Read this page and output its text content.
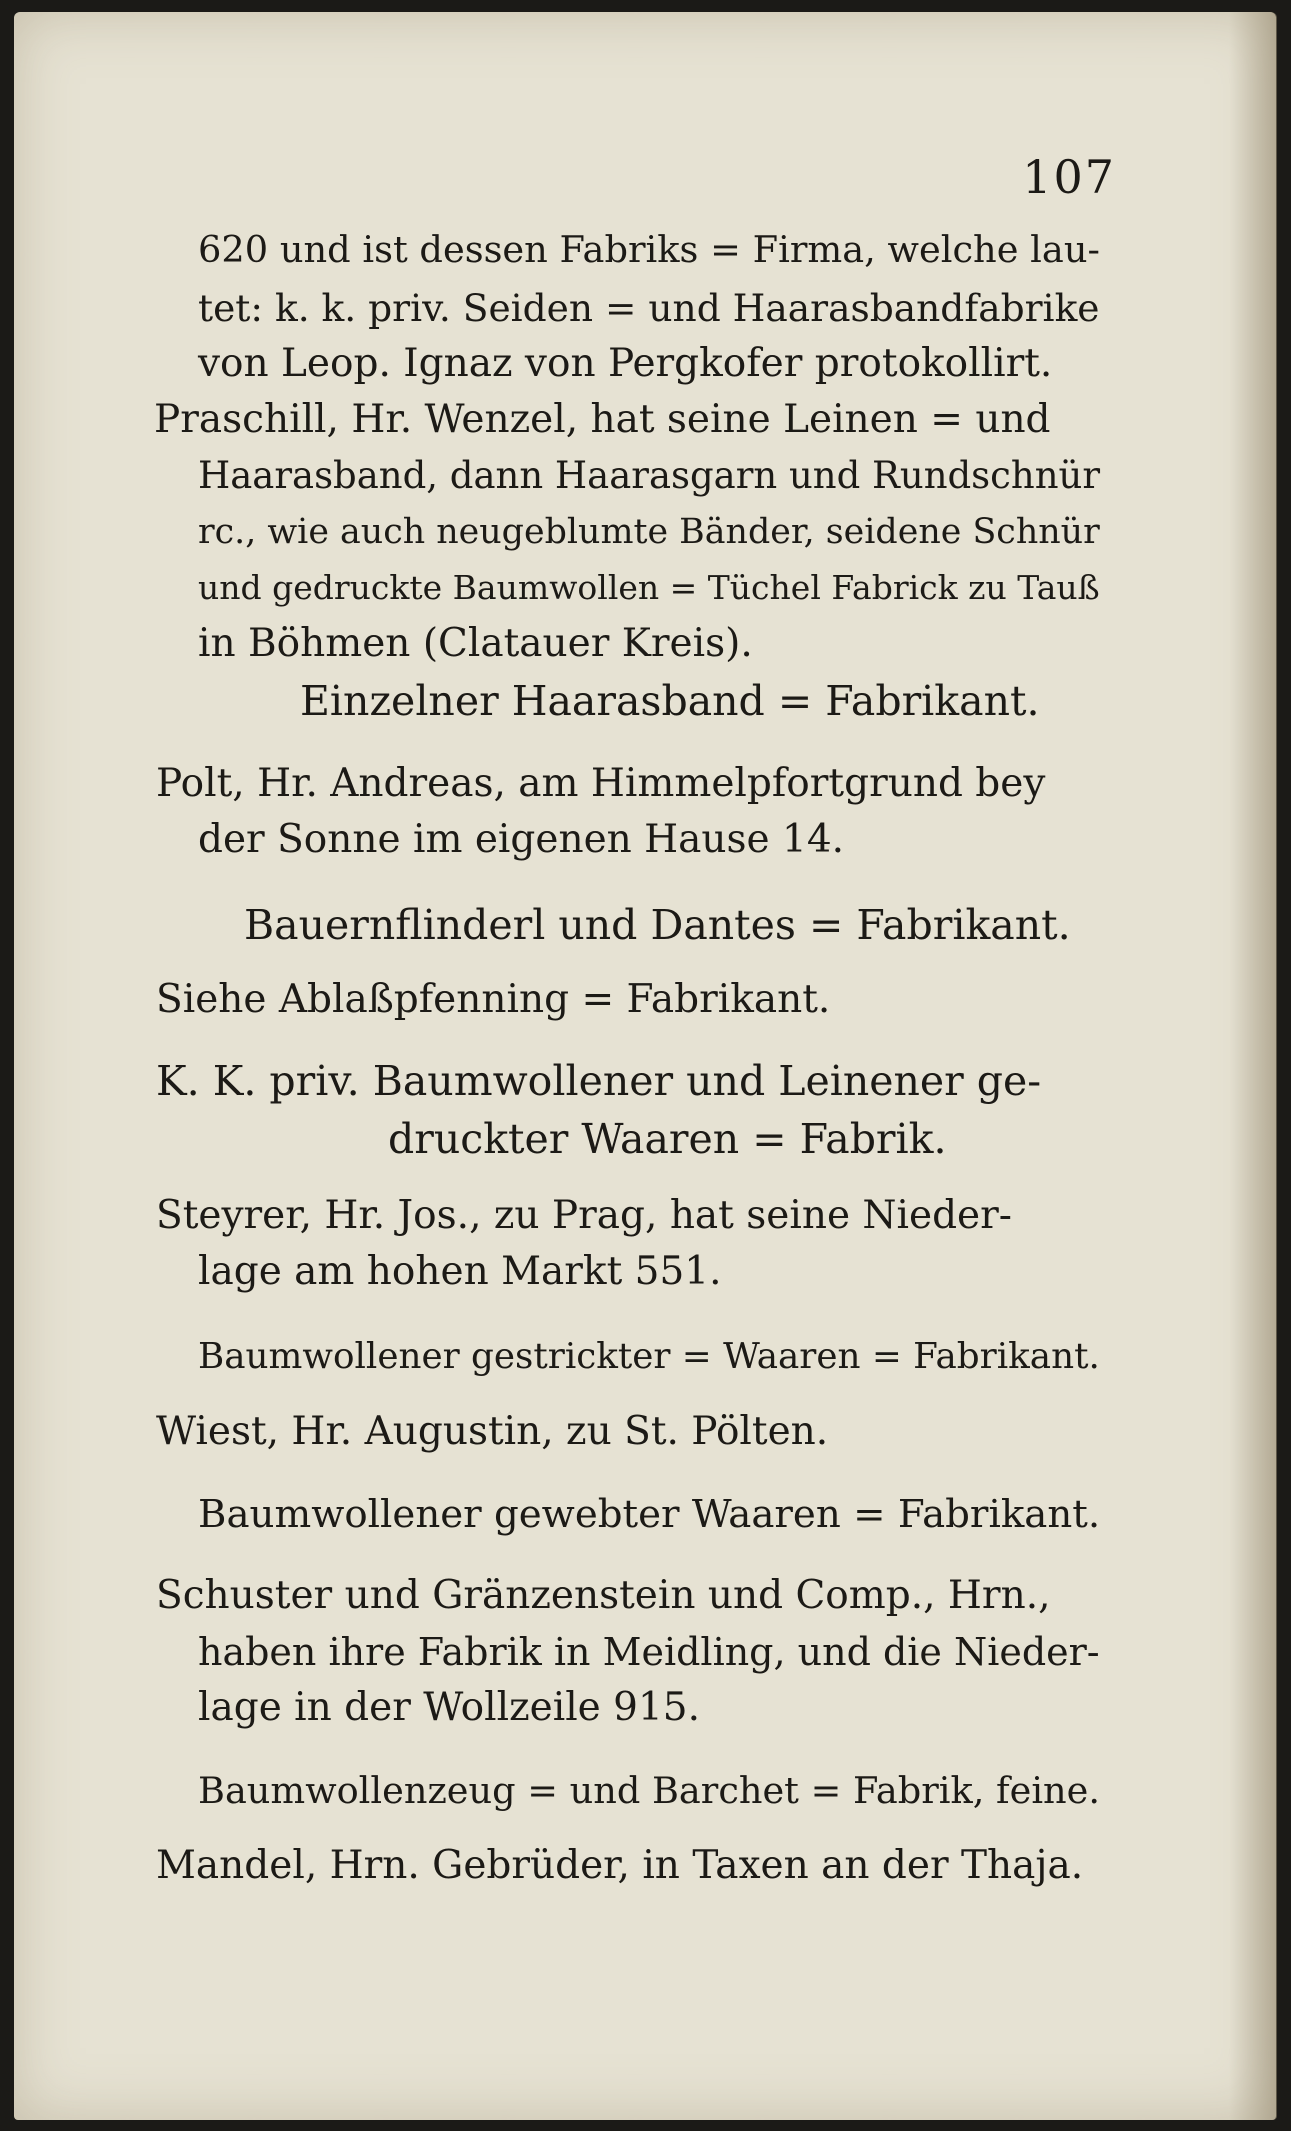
107
620 und ist dessen Fabriks = Firma, welche lau-
tet: k. k. priv. Seiden = und Haarasbandfabrike
von Leop. Ignaz von Pergkofer protokollirt.
Praschill, Hr. Wenzel, hat seine Leinen = und
Haarasband, dann Haarasgarn und Rundschnür
rc., wie auch neugeblumte Bänder, seidene Schnür
und gedruckte Baumwollen = Tüchel Fabrick zu Tauß
in Böhmen (Clatauer Kreis).
Einzelner Haarasband = Fabrikant.
Polt, Hr. Andreas, am Himmelpfortgrund bey
der Sonne im eigenen Hause 14.
Bauernflinderl und Dantes = Fabrikant.
Siehe Ablaßpfenning = Fabrikant.
K. K. priv. Baumwollener und Leinener ge-
druckter Waaren = Fabrik.
Steyrer, Hr. Jos., zu Prag, hat seine Nieder-
lage am hohen Markt 551.
Baumwollener gestrickter = Waaren = Fabrikant.
Wiest, Hr. Augustin, zu St. Pölten.
Baumwollener gewebter Waaren = Fabrikant.
Schuster und Gränzenstein und Comp., Hrn.,
haben ihre Fabrik in Meidling, und die Nieder-
lage in der Wollzeile 915.
Baumwollenzeug = und Barchet = Fabrik, feine.
Mandel, Hrn. Gebrüder, in Taxen an der Thaja.
